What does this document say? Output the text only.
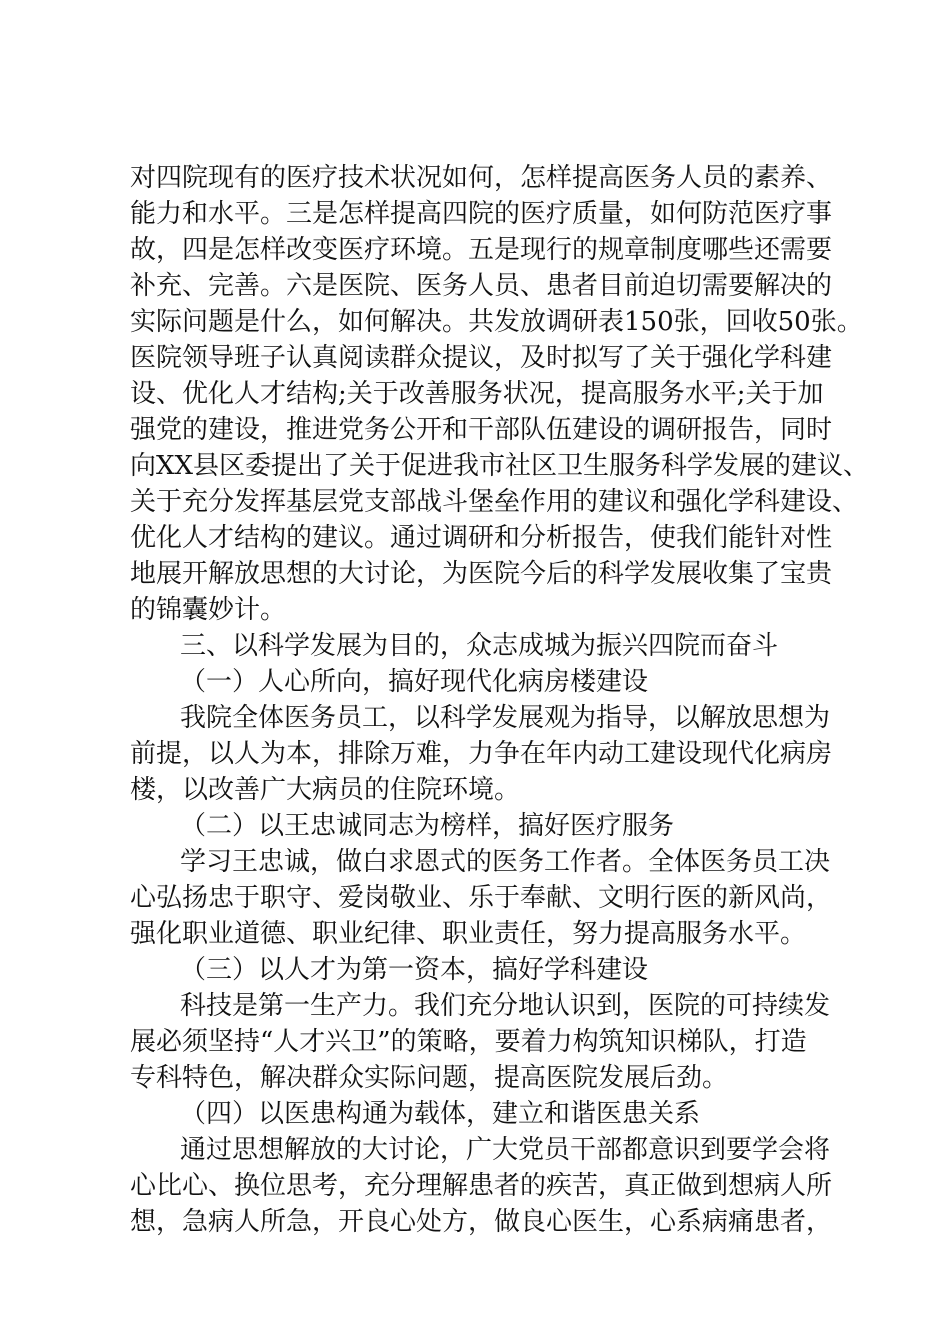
对四院现有的医疗技术状况如何，怎样提高医务人员的素养、
能力和水平。三是怎样提高四院的医疗质量，如何防范医疗事
故，四是怎样改变医疗环境。五是现行的规章制度哪些还需要
补充、完善。六是医院、医务人员、患者目前迫切需要解决的
实际问题是什么，如何解决。共发放调研表150张，回收50张。
医院领导班子认真阅读群众提议，及时拟写了关于强化学科建
设、优化人才结构;关于改善服务状况，提高服务水平;关于加
强党的建设，推进党务公开和干部队伍建设的调研报告，同时
向XX县区委提出了关于促进我市社区卫生服务科学发展的建议、
关于充分发挥基层党支部战斗堡垒作用的建议和强化学科建设、
优化人才结构的建议。通过调研和分析报告，使我们能针对性
地展开解放思想的大讨论，为医院今后的科学发展收集了宝贵
的锦囊妙计。
三、以科学发展为目的，众志成城为振兴四院而奋斗
（一）人心所向，搞好现代化病房楼建设
我院全体医务员工，以科学发展观为指导，以解放思想为
前提，以人为本，排除万难，力争在年内动工建设现代化病房
楼，以改善广大病员的住院环境。
（二）以王忠诚同志为榜样，搞好医疗服务
学习王忠诚，做白求恩式的医务工作者。全体医务员工决
心弘扬忠于职守、爱岗敬业、乐于奉献、文明行医的新风尚，
强化职业道德、职业纪律、职业责任，努力提高服务水平。
（三）以人才为第一资本，搞好学科建设
科技是第一生产力。我们充分地认识到，医院的可持续发
展必须坚持“人才兴卫”的策略，要着力构筑知识梯队，打造
专科特色，解决群众实际问题，提高医院发展后劲。
（四）以医患构通为载体，建立和谐医患关系
通过思想解放的大讨论，广大党员干部都意识到要学会将
心比心、换位思考，充分理解患者的疾苦，真正做到想病人所
想，急病人所急，开良心处方，做良心医生，心系病痛患者，
